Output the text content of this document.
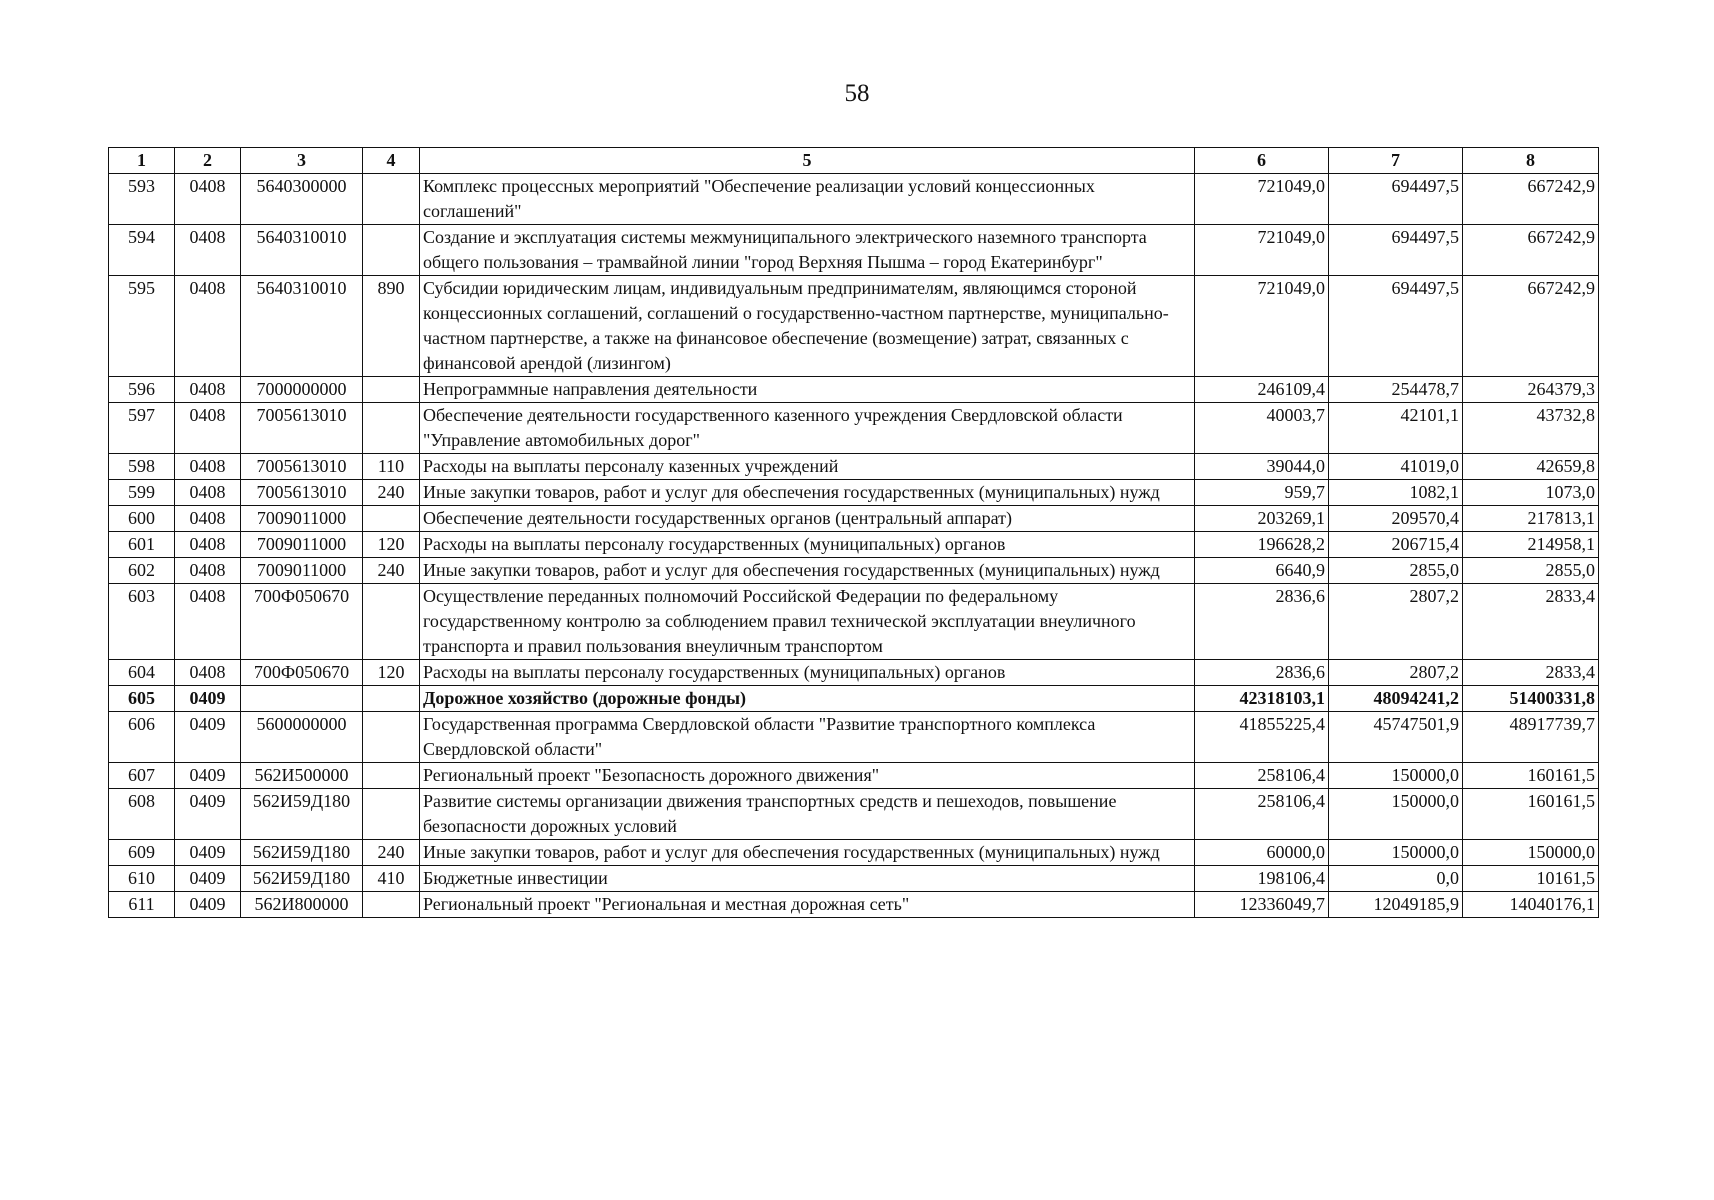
58
1	2	3	4	5	6	7	8
593	0408	5640300000		Комплекс процессных мероприятий "Обеспечение реализации условий концессионных соглашений"	721049,0	694497,5	667242,9
594	0408	5640310010		Создание и эксплуатация системы межмуниципального электрического наземного транспорта общего пользования – трамвайной линии "город Верхняя Пышма – город Екатеринбург"	721049,0	694497,5	667242,9
595	0408	5640310010	890	Субсидии юридическим лицам, индивидуальным предпринимателям, являющимся стороной концессионных соглашений, соглашений о государственно-частном партнерстве, муниципально-частном партнерстве, а также на финансовое обеспечение (возмещение) затрат, связанных с финансовой арендой (лизингом)	721049,0	694497,5	667242,9
596	0408	7000000000		Непрограммные направления деятельности	246109,4	254478,7	264379,3
597	0408	7005613010		Обеспечение деятельности государственного казенного учреждения Свердловской области "Управление автомобильных дорог"	40003,7	42101,1	43732,8
598	0408	7005613010	110	Расходы на выплаты персоналу казенных учреждений	39044,0	41019,0	42659,8
599	0408	7005613010	240	Иные закупки товаров, работ и услуг для обеспечения государственных (муниципальных) нужд	959,7	1082,1	1073,0
600	0408	7009011000		Обеспечение деятельности государственных органов (центральный аппарат)	203269,1	209570,4	217813,1
601	0408	7009011000	120	Расходы на выплаты персоналу государственных (муниципальных) органов	196628,2	206715,4	214958,1
602	0408	7009011000	240	Иные закупки товаров, работ и услуг для обеспечения государственных (муниципальных) нужд	6640,9	2855,0	2855,0
603	0408	700Ф050670		Осуществление переданных полномочий Российской Федерации по федеральному государственному контролю за соблюдением правил технической эксплуатации внеуличного транспорта и правил пользования внеуличным транспортом	2836,6	2807,2	2833,4
604	0408	700Ф050670	120	Расходы на выплаты персоналу государственных (муниципальных) органов	2836,6	2807,2	2833,4
605	0409			Дорожное хозяйство (дорожные фонды)	42318103,1	48094241,2	51400331,8
606	0409	5600000000		Государственная программа Свердловской области "Развитие транспортного комплекса Свердловской области"	41855225,4	45747501,9	48917739,7
607	0409	562И500000		Региональный проект "Безопасность дорожного движения"	258106,4	150000,0	160161,5
608	0409	562И59Д180		Развитие системы организации движения транспортных средств и пешеходов, повышение безопасности дорожных условий	258106,4	150000,0	160161,5
609	0409	562И59Д180	240	Иные закупки товаров, работ и услуг для обеспечения государственных (муниципальных) нужд	60000,0	150000,0	150000,0
610	0409	562И59Д180	410	Бюджетные инвестиции	198106,4	0,0	10161,5
611	0409	562И800000		Региональный проект "Региональная и местная дорожная сеть"	12336049,7	12049185,9	14040176,1
